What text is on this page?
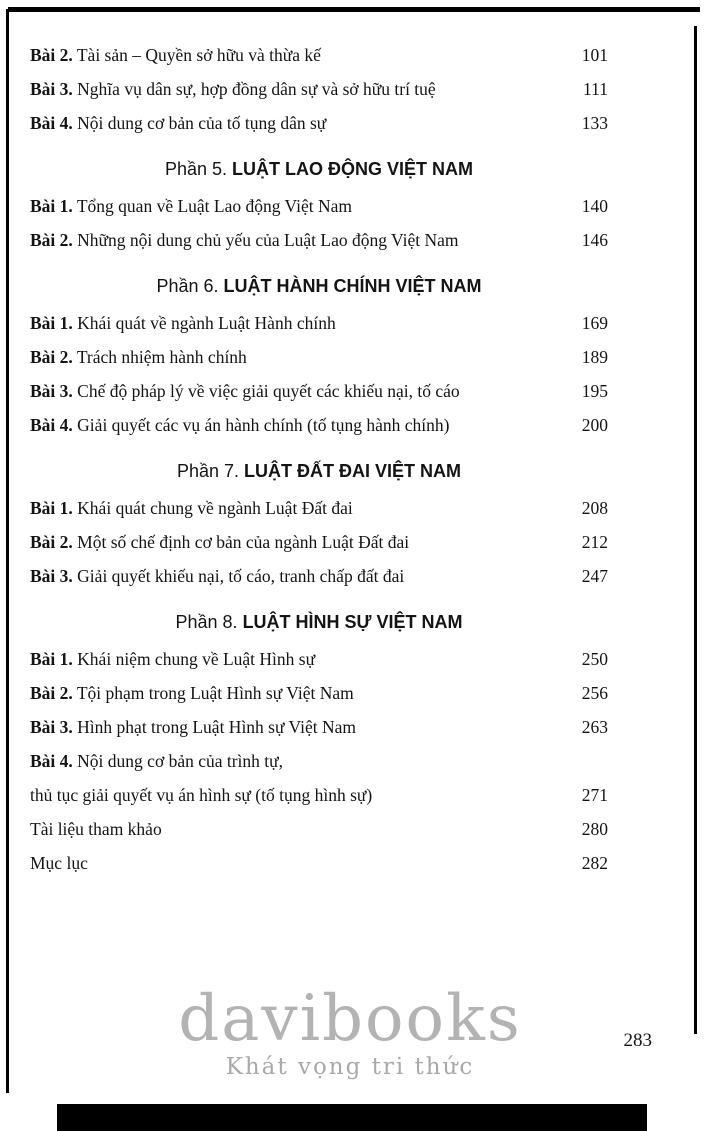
Bài 2. Tài sản – Quyền sở hữu và thừa kế	101
Bài 3. Nghĩa vụ dân sự, hợp đồng dân sự và sở hữu trí tuệ	111
Bài 4. Nội dung cơ bản của tố tụng dân sự	133
Phần 5. LUẬT LAO ĐỘNG VIỆT NAM
Bài 1. Tổng quan về Luật Lao động Việt Nam	140
Bài 2. Những nội dung chủ yếu của Luật Lao động Việt Nam	146
Phần 6. LUẬT HÀNH CHÍNH VIỆT NAM
Bài 1. Khái quát về ngành Luật Hành chính	169
Bài 2. Trách nhiệm hành chính	189
Bài 3. Chế độ pháp lý về việc giải quyết các khiếu nại, tố cáo	195
Bài 4. Giải quyết các vụ án hành chính (tố tụng hành chính)	200
Phần 7. LUẬT ĐẤT ĐAI VIỆT NAM
Bài 1. Khái quát chung về ngành Luật Đất đai	208
Bài 2. Một số chế định cơ bản của ngành Luật Đất đai	212
Bài 3. Giải quyết khiếu nại, tố cáo, tranh chấp đất đai	247
Phần 8. LUẬT HÌNH SỰ VIỆT NAM
Bài 1. Khái niệm chung về Luật Hình sự	250
Bài 2. Tội phạm trong Luật Hình sự Việt Nam	256
Bài 3. Hình phạt trong Luật Hình sự Việt Nam	263
Bài 4. Nội dung cơ bản của trình tự,
thủ tục giải quyết vụ án hình sự (tố tụng hình sự)	271
Tài liệu tham khảo	280
Mục lục	282
davibooks
Khát vọng tri thức
283
